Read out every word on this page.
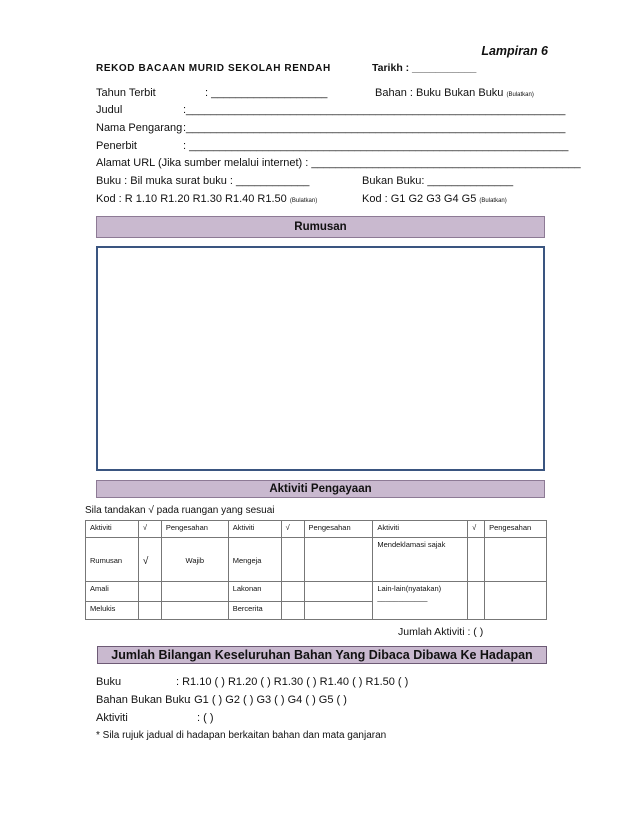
Lampiran 6
REKOD BACAAN MURID SEKOLAH RENDAH	Tarikh : ___________
Tahun Terbit	: ___________________	Bahan : Buku Bukan Buku (Bulatkan)
Judul	:______________________________________________________________
Nama Pengarang :______________________________________________________________
Penerbit	: ______________________________________________________________
Alamat URL (Jika sumber melalui internet) : ____________________________________________
Buku : Bil muka surat buku : ____________	Bukan Buku: ______________
Kod : R 1.10 R1.20 R1.30 R1.40 R1.50 (Bulatkan)	Kod : G1 G2 G3 G4 G5 (Bulatkan)
Rumusan
Aktiviti Pengayaan
Sila tandakan √ pada ruangan yang sesuai
Aktiviti	√	Pengesahan	Aktiviti	√	Pengesahan	Aktiviti	√	Pengesahan
Rumusan	√	Wajib	Mengeja			Mendeklamasi sajak		
Amali			Lakonan			Lain-lain(nyatakan)
____________		

Melukis			Bercerita					
Jumlah Aktiviti : ( )
Jumlah Bilangan Keseluruhan Bahan Yang Dibaca Dibawa Ke Hadapan
Buku	: R1.10 ( ) R1.20 ( ) R1.30 ( ) R1.40 ( ) R1.50 ( )
Bahan Bukan Buku
: G1 ( ) G2 ( ) G3 ( ) G4 ( ) G5 ( )
Aktiviti	: ( )
* Sila rujuk jadual di hadapan berkaitan bahan dan mata ganjaran
